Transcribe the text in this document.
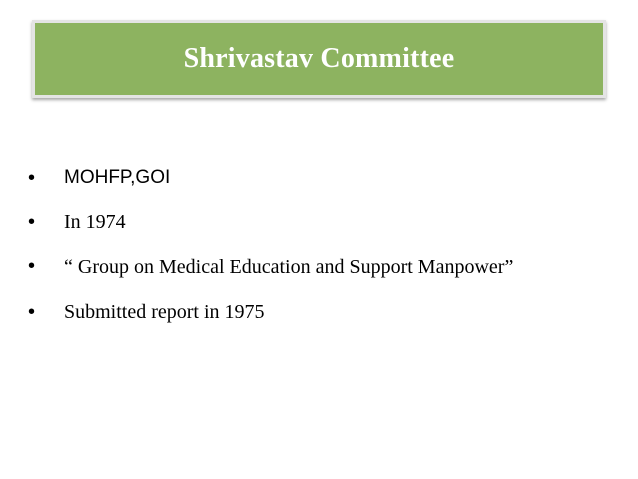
Shrivastav Committee
•	MOHFP,GOI
•	In 1974
•	“ Group on Medical Education and Support Manpower”
•	Submitted report in 1975
